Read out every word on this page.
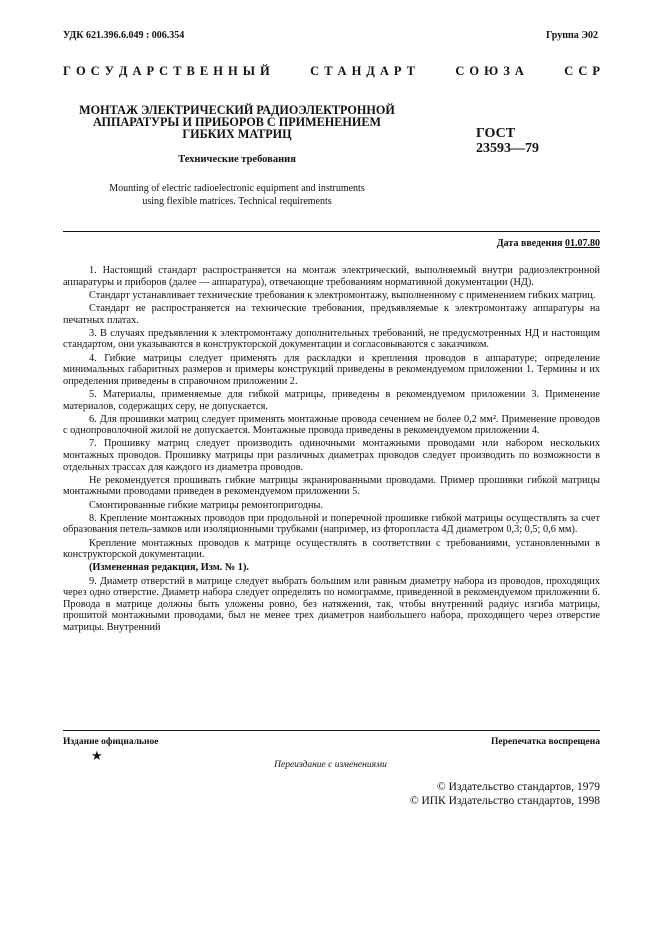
УДК 621.396.6.049 : 006.354	Группа Э02
Г  О  С  У  Д  А  Р  С  Т  В  Е  Н  Н  Ы  Й	С  Т  А  Н  Д  А  Р  Т	С  О  Ю  З  А	С  С  Р
МОНТАЖ ЭЛЕКТРИЧЕСКИЙ РАДИОЭЛЕКТРОННОЙ
АППАРАТУРЫ И ПРИБОРОВ С ПРИМЕНЕНИЕМ
ГИБКИХ МАТРИЦ
Технические требования
ГОСТ
23593—79
Mounting of electric radioelectronic equipment and instruments
using flexible matrices. Technical requirements
Дата введения 01.07.80

1. Настоящий стандарт распространяется на монтаж электрический, выполняемый внутри радиоэлектронной аппаратуры и приборов (далее — аппаратура), отвечающие требованиям нормативной документации (НД).

Стандарт устанавливает технические требования к электромонтажу, выполненному с применением гибких матриц.

Стандарт не распространяется на технические требования, предъявляемые к электромонтажу аппаратуры на печатных платах.

3. В случаях предъявления к электромонтажу дополнительных требований, не предусмотренных НД и настоящим стандартом, они указываются в конструкторской документации и согласовываются с заказчиком.

4. Гибкие матрицы следует применять для раскладки и крепления проводов в аппаратуре; определение минимальных габаритных размеров и примеры конструкций приведены в рекомендуемом приложении 1. Термины и их определения приведены в справочном приложении 2.

5. Материалы, применяемые для гибкой матрицы, приведены в рекомендуемом приложении 3. Применение материалов, содержащих серу, не допускается.

6. Для прошивки матриц следует применять монтажные провода сечением не более 0,2 мм². Применение проводов с однопроволочной жилой не допускается. Монтажные провода приведены в рекомендуемом приложении 4.

7. Прошивку матриц следует производить одиночными монтажными проводами или набором нескольких монтажных проводов. Прошивку матрицы при различных диаметрах проводов следует производить по возможности в отдельных трассах для каждого из диаметра проводов.

Не рекомендуется прошивать гибкие матрицы экранированными проводами. Пример прошивки гибкой матрицы монтажными проводами приведен в рекомендуемом приложении 5.

Смонтированные гибкие матрицы ремонтопригодны.

8. Крепление монтажных проводов при продольной и поперечной прошивке гибкой матрицы осуществлять за счет образования петель-замков или изоляционными трубками (например, из фторопласта 4Д диаметром 0,3; 0,5; 0,6 мм).

Крепление монтажных проводов к матрице осуществлять в соответствии с требованиями, установленными в конструкторской документации.

(Измененная редакция, Изм. № 1).

9. Диаметр отверстий в матрице следует выбрать большим или равным диаметру набора из проводов, проходящих через одно отверстие. Диаметр набора следует определять по номограмме, приведенной в рекомендуемом приложении 6. Провода в матрице должны быть уложены ровно, без натяжения, так, чтобы внутренний радиус изгиба матрицы, прошитой монтажными проводами, был не менее трех диаметров наибольшего набора, проходящего через отверстие матрицы. Внутренний

Издание официальное	Перепечатка воспрещена
★
Переиздание с изменениями
© Издательство стандартов, 1979
© ИПК Издательство стандартов, 1998
